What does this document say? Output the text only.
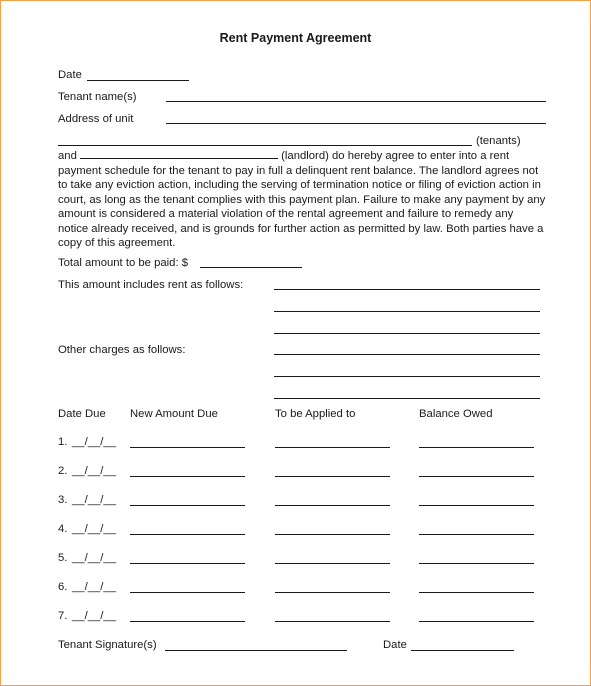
Rent Payment Agreement
Date
Tenant name(s)
Address of unit
(tenants)
and	(landlord) do hereby agree to enter into a rent payment schedule for the tenant to pay in full a delinquent rent balance. The landlord agrees not to take any eviction action, including the serving of termination notice or filing of eviction action in court, as long as the tenant complies with this payment plan. Failure to make any payment by any amount is considered a material violation of the rental agreement and failure to remedy any notice already received, and is grounds for further action as permitted by law. Both parties have a copy of this agreement.
Total amount to be paid: $
This amount includes rent as follows:
Other charges as follows:
Date Due New Amount Due	To be Applied to	Balance Owed
1. __/__/__
2. __/__/__
3. __/__/__
4. __/__/__
5. __/__/__
6. __/__/__
7. __/__/__
Tenant Signature(s)	Date
